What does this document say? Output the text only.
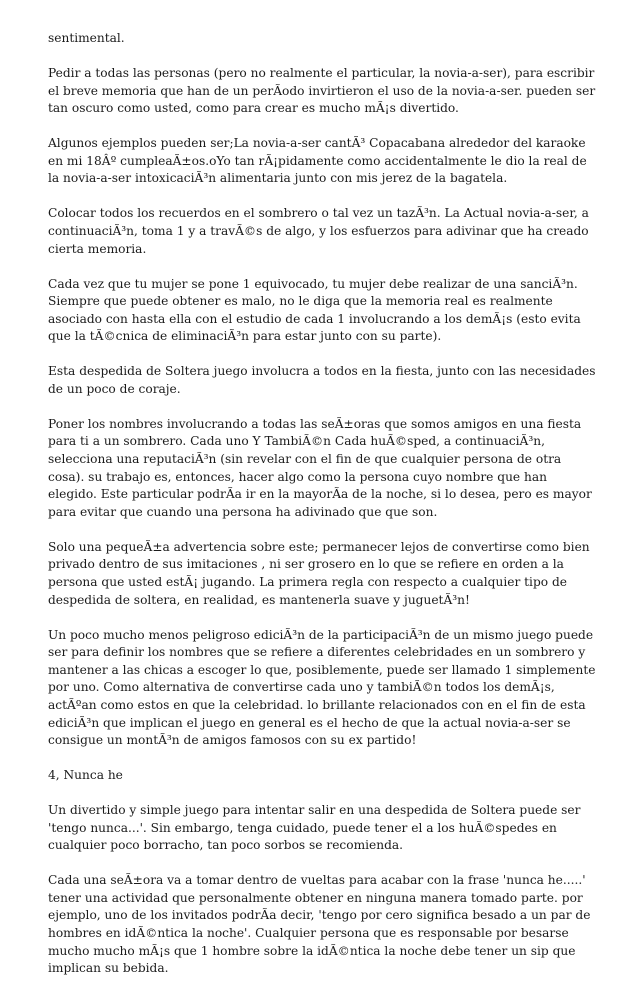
sentimental.

Pedir a todas las personas (pero no realmente el particular, la novia-a-ser), para escribir el breve memoria que han de un perÃodo invirtieron el uso de la novia-a-ser. pueden ser tan oscuro como usted, como para crear es mucho mÃ¡s divertido.

Algunos ejemplos pueden ser;La novia-a-ser cantÃ³ Copacabana alrededor del karaoke en mi 18Âº cumpleaÃ±os.oYo tan rÃ¡pidamente como accidentalmente le dio la real de la novia-a-ser intoxicaciÃ³n alimentaria junto con mis jerez de la bagatela.

Colocar todos los recuerdos en el sombrero o tal vez un tazÃ³n. La Actual novia-a-ser, a continuaciÃ³n, toma 1 y a travÃ©s de algo, y los esfuerzos para adivinar que ha creado cierta memoria.

Cada vez que tu mujer se pone 1 equivocado, tu mujer debe realizar de una sanciÃ³n. Siempre que puede obtener es malo, no le diga que la memoria real es realmente asociado con hasta ella con el estudio de cada 1 involucrando a los demÃ¡s (esto evita que la tÃ©cnica de eliminaciÃ³n para estar junto con su parte).

Esta despedida de Soltera juego involucra a todos en la fiesta, junto con las necesidades de un poco de coraje.

Poner los nombres involucrando a todas las seÃ±oras que somos amigos en una fiesta para ti a un sombrero. Cada uno Y TambiÃ©n Cada huÃ©sped, a continuaciÃ³n, selecciona una reputaciÃ³n (sin revelar con el fin de que cualquier persona de otra cosa). su trabajo es, entonces, hacer algo como la persona cuyo nombre que han elegido. Este particular podrÃa ir en la mayorÃa de la noche, si lo desea, pero es mayor para evitar que cuando una persona ha adivinado que que son.

Solo una pequeÃ±a advertencia sobre este; permanecer lejos de convertirse como bien privado dentro de sus imitaciones , ni ser grosero en lo que se refiere en orden a la persona que usted estÃ¡ jugando. La primera regla con respecto a cualquier tipo de despedida de soltera, en realidad, es mantenerla suave y juguetÃ³n!

Un poco mucho menos peligroso ediciÃ³n de la participaciÃ³n de un mismo juego puede ser para definir los nombres que se refiere a diferentes celebridades en un sombrero y mantener a las chicas a escoger lo que, posiblemente, puede ser llamado 1 simplemente por uno. Como alternativa de convertirse cada uno y tambiÃ©n todos los demÃ¡s, actÃºan como estos en que la celebridad. lo brillante relacionados con en el fin de esta ediciÃ³n que implican el juego en general es el hecho de que la actual novia-a-ser se consigue un montÃ³n de amigos famosos con su ex partido!

4, Nunca he

Un divertido y simple juego para intentar salir en una despedida de Soltera puede ser 'tengo nunca...'. Sin embargo, tenga cuidado, puede tener el a los huÃ©spedes en cualquier poco borracho, tan poco sorbos se recomienda.

Cada una seÃ±ora va a tomar dentro de vueltas para acabar con la frase 'nunca he.....' tener una actividad que personalmente obtener en ninguna manera tomado parte. por ejemplo, uno de los invitados podrÃa decir, 'tengo por cero significa besado a un par de hombres en idÃ©ntica la noche'. Cualquier persona que es responsable por besarse mucho mucho mÃ¡s que 1 hombre sobre la idÃ©ntica la noche debe tener un sip que implican su bebida.
